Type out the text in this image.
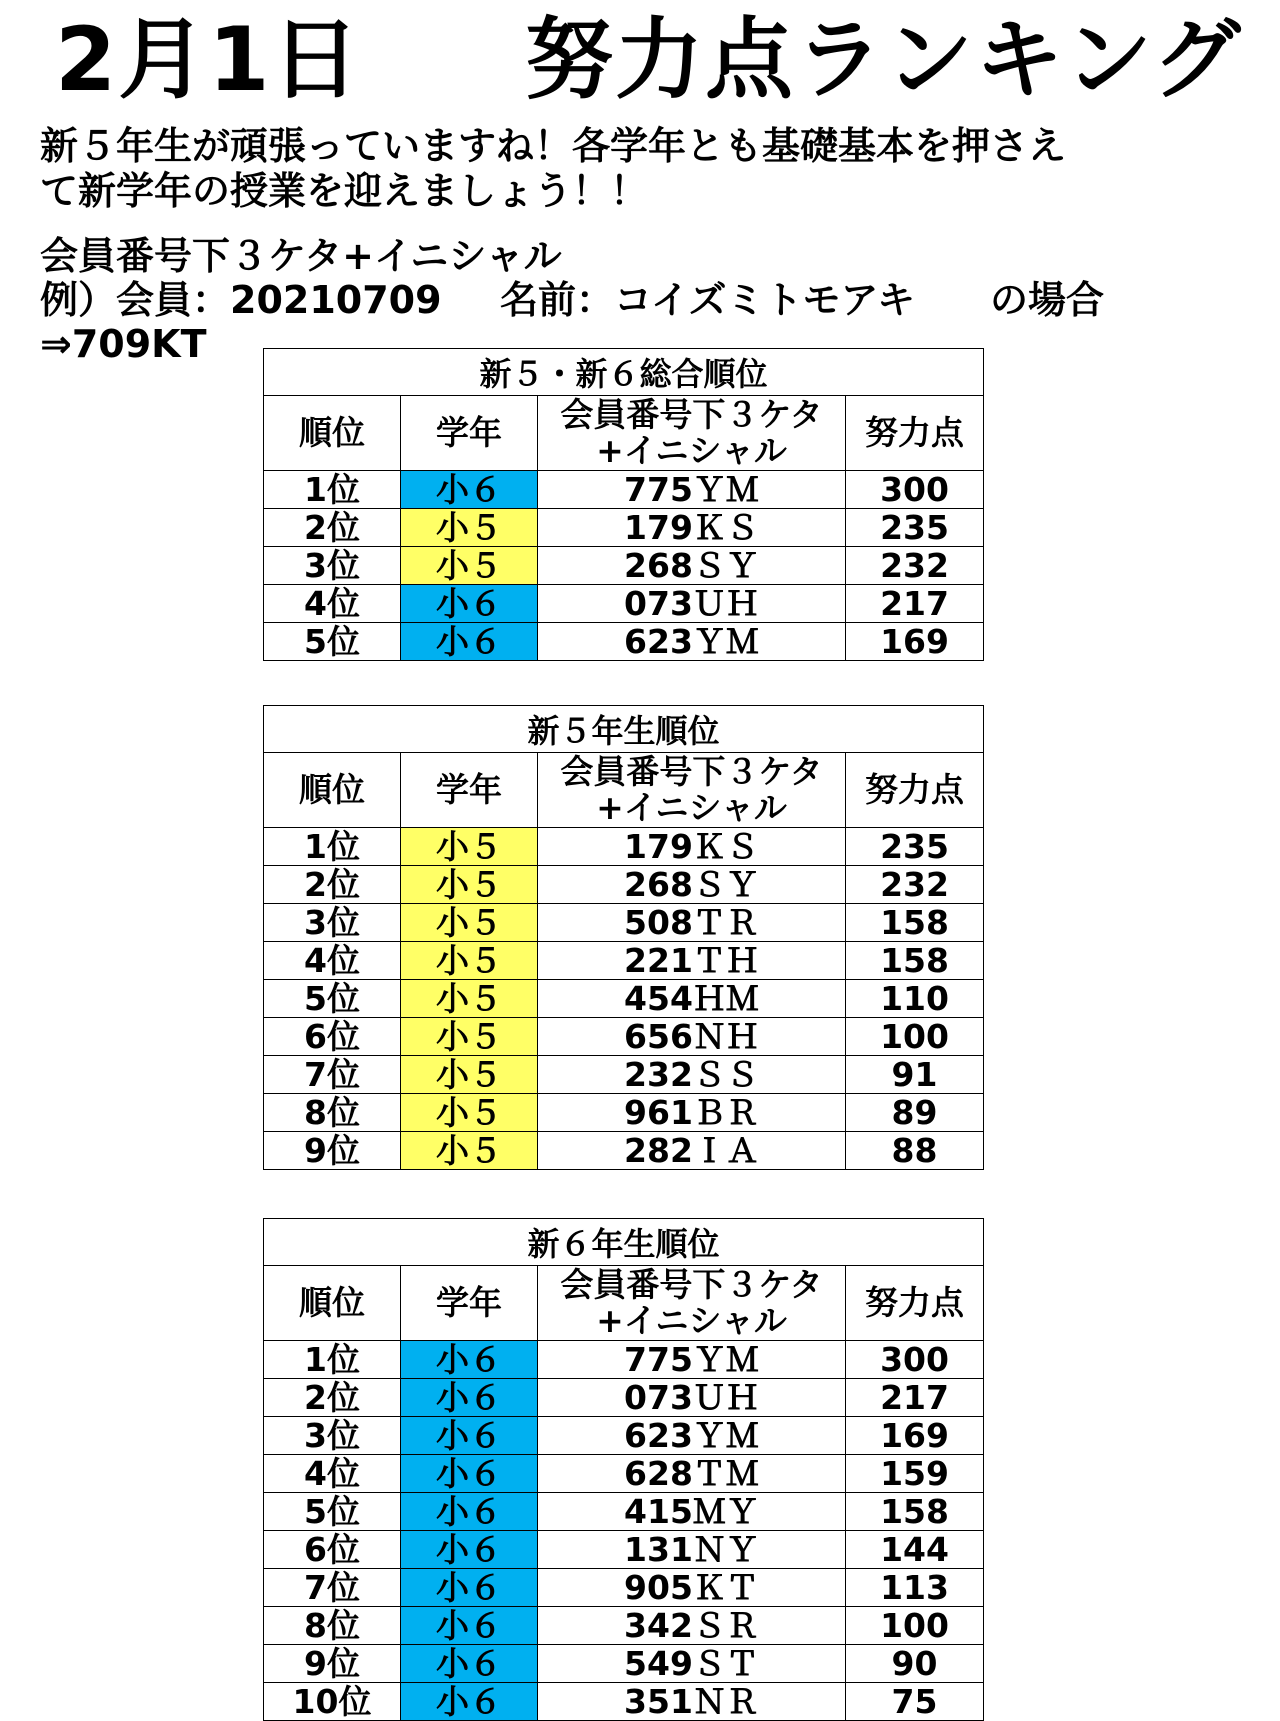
2月1日 努力点ランキング
新５年生が頑張っていますね！各学年とも基礎基本を押さえ
て新学年の授業を迎えましょう！！
会員番号下３ケタ+イニシャル
例）会員：20210709 名前：コイズミトモアキ の場合
⇒709KT
新５・新６総合順位			
順位	学年	会員番号下３ケタ
+イニシャル	努力点
1位	小６	775ＹＭ	300
2位	小５	179ＫＳ	235
3位	小５	268ＳＹ	232
4位	小６	073ＵＨ	217
5位	小６	623ＹＭ	169
新５年生順位			
順位	学年	会員番号下３ケタ
+イニシャル	努力点
1位	小５	179ＫＳ	235
2位	小５	268ＳＹ	232
3位	小５	508ＴＲ	158
4位	小５	221ＴＨ	158
5位	小５	454ＨＭ	110
6位	小５	656ＮＨ	100
7位	小５	232ＳＳ	91
8位	小５	961ＢＲ	89
9位	小５	282ＩＡ	88
新６年生順位			
順位	学年	会員番号下３ケタ
+イニシャル	努力点
1位	小６	775ＹＭ	300
2位	小６	073ＵＨ	217
3位	小６	623ＹＭ	169
4位	小６	628ＴＭ	159
5位	小６	415ＭＹ	158
6位	小６	131ＮＹ	144
7位	小６	905ＫＴ	113
8位	小６	342ＳＲ	100
9位	小６	549ＳＴ	90
10位	小６	351ＮＲ	75
